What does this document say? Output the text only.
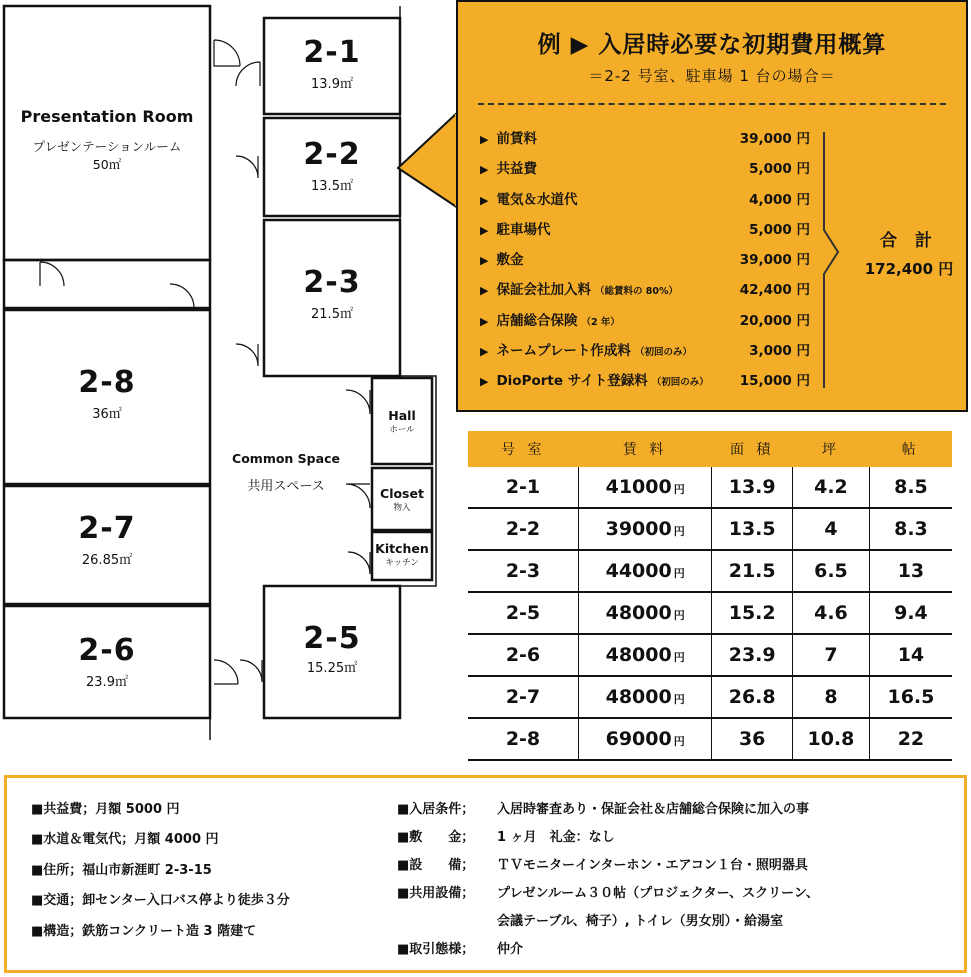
Presentation Room
プレゼンテーションルーム
50㎡
2-1
13.9㎡
2-2
13.5㎡
2-3
21.5㎡
2-5
15.25㎡
2-8
36㎡
2-7
26.85㎡
2-6
23.9㎡
Common Space
共用スペース
Hall
ホール
Closet
物入
Kitchen
キッチン
例 ▶ 入居時必要な初期費用概算
＝2-2 号室、駐車場 1 台の場合＝
▶ 前賃料	39,000 円
▶ 共益費	5,000 円
▶ 電気＆水道代	4,000 円
▶ 駐車場代	5,000 円
▶ 敷金	39,000 円
▶ 保証会社加入料 （総賃料の 80%）	42,400 円
▶ 店舗総合保険 （2 年）	20,000 円
▶ ネームプレート作成料 （初回のみ）	3,000 円
▶ DioPorte サイト登録料 （初回のみ） 15,000 円
合 計
172,400 円
号 室	賃 料	面 積	坪	帖
2-1	41000 円	13.9	4.2	8.5
2-2	39000 円	13.5	4	8.3
2-3	44000 円	21.5	6.5	13
2-5	48000 円	15.2	4.6	9.4
2-6	48000 円	23.9	7	14
2-7	48000 円	26.8	8	16.5
2-8	69000 円	36	10.8	22
■共益費；月額 5000 円
■水道＆電気代；月額 4000 円
■住所；福山市新涯町 2-3-15
■交通；卸センター入口バス停より徒歩３分
■構造；鉄筋コンクリート造 3 階建て
■入居条件； 入居時審査あり・保証会社＆店舗総合保険に加入の事
■敷　　金； 1 ヶ月　礼金：なし
■設　　備； ＴＶモニターインターホン・エアコン１台・照明器具
■共用設備； プレゼンルーム３０帖（プロジェクター、スクリーン、
会議テーブル、椅子）, トイレ（男女別）・給湯室
■取引態様； 仲介
